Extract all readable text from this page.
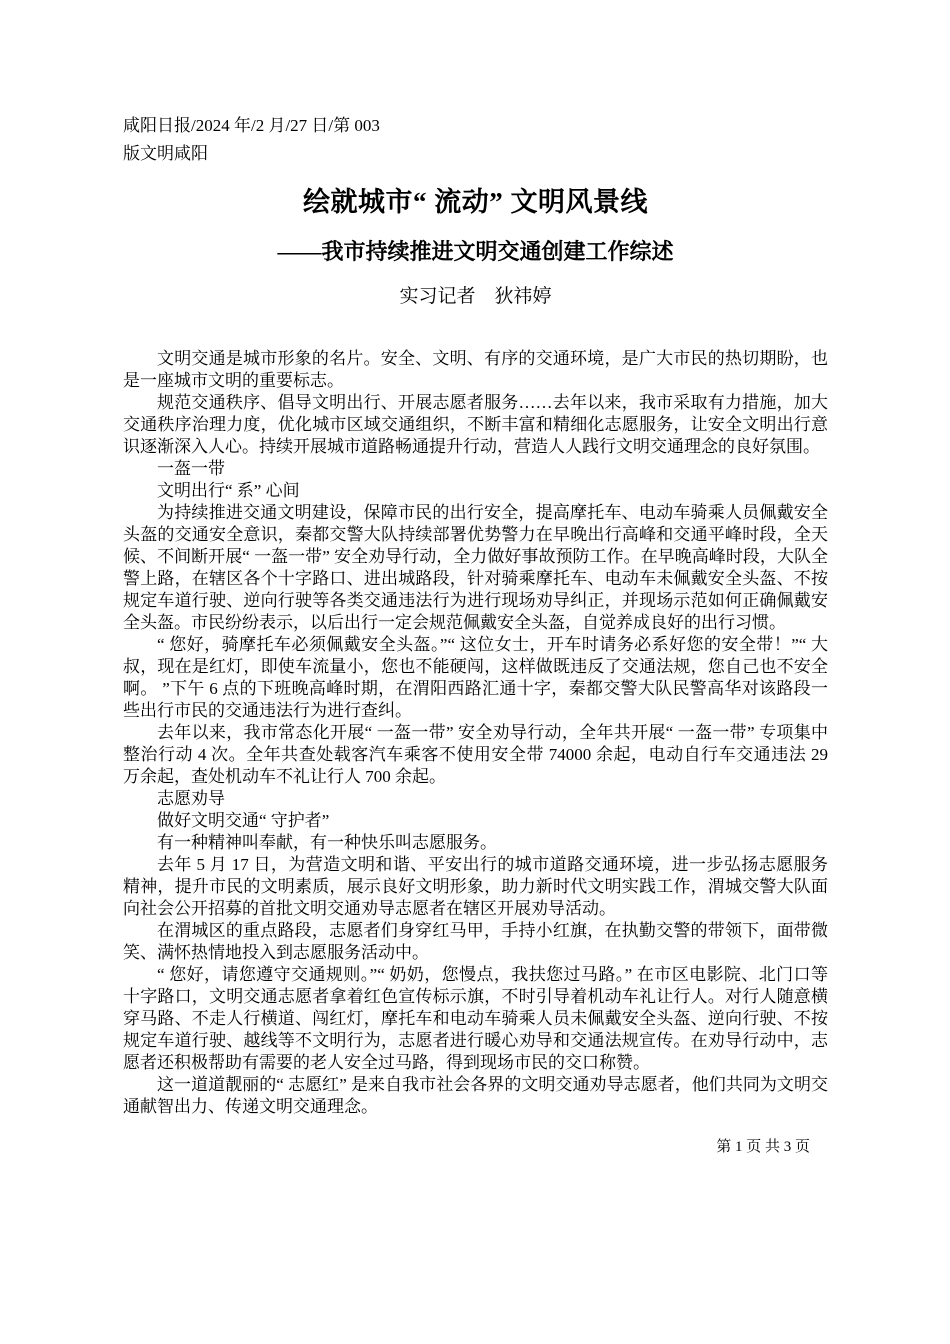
咸阳日报/2024 年/2 月/27 日/第 003
版文明咸阳
绘就城市“ 流动” 文明风景线
——我市持续推进文明交通创建工作综述
实习记者　狄祎婷

文明交通是城市形象的名片。安全、文明、有序的交通环境，是广大市民的热切期盼，也是一座城市文明的重要标志。

规范交通秩序、倡导文明出行、开展志愿者服务……去年以来，我市采取有力措施，加大交通秩序治理力度，优化城市区域交通组织，不断丰富和精细化志愿服务，让安全文明出行意识逐渐深入人心。持续开展城市道路畅通提升行动，营造人人践行文明交通理念的良好氛围。

一盔一带

文明出行“ 系” 心间

为持续推进交通文明建设，保障市民的出行安全，提高摩托车、电动车骑乘人员佩戴安全头盔的交通安全意识，秦都交警大队持续部署优势警力在早晚出行高峰和交通平峰时段，全天候、不间断开展“ 一盔一带” 安全劝导行动，全力做好事故预防工作。在早晚高峰时段，大队全警上路，在辖区各个十字路口、进出城路段，针对骑乘摩托车、电动车未佩戴安全头盔、不按规定车道行驶、逆向行驶等各类交通违法行为进行现场劝导纠正，并现场示范如何正确佩戴安全头盔。市民纷纷表示，以后出行一定会规范佩戴安全头盔，自觉养成良好的出行习惯。

“ 您好，骑摩托车必须佩戴安全头盔。”“ 这位女士，开车时请务必系好您的安全带！”“ 大叔，现在是红灯，即使车流量小，您也不能硬闯，这样做既违反了交通法规，您自己也不安全啊。 ”下午 6 点的下班晚高峰时期，在渭阳西路汇通十字，秦都交警大队民警高华对该路段一些出行市民的交通违法行为进行查纠。

去年以来，我市常态化开展“ 一盔一带” 安全劝导行动，全年共开展“ 一盔一带” 专项集中整治行动 4 次。全年共查处载客汽车乘客不使用安全带 74000 余起，电动自行车交通违法 29 万余起，查处机动车不礼让行人 700 余起。

志愿劝导

做好文明交通“ 守护者”

有一种精神叫奉献，有一种快乐叫志愿服务。

去年 5 月 17 日，为营造文明和谐、平安出行的城市道路交通环境，进一步弘扬志愿服务精神，提升市民的文明素质，展示良好文明形象，助力新时代文明实践工作，渭城交警大队面向社会公开招募的首批文明交通劝导志愿者在辖区开展劝导活动。

在渭城区的重点路段，志愿者们身穿红马甲，手持小红旗，在执勤交警的带领下，面带微笑、满怀热情地投入到志愿服务活动中。

“ 您好，请您遵守交通规则。”“ 奶奶，您慢点，我扶您过马路。” 在市区电影院、北门口等十字路口，文明交通志愿者拿着红色宣传标示旗，不时引导着机动车礼让行人。对行人随意横穿马路、不走人行横道、闯红灯，摩托车和电动车骑乘人员未佩戴安全头盔、逆向行驶、不按规定车道行驶、越线等不文明行为，志愿者进行暖心劝导和交通法规宣传。在劝导行动中，志愿者还积极帮助有需要的老人安全过马路，得到现场市民的交口称赞。

这一道道靓丽的“ 志愿红” 是来自我市社会各界的文明交通劝导志愿者，他们共同为文明交通献智出力、传递文明交通理念。

第 1 页 共 3 页
